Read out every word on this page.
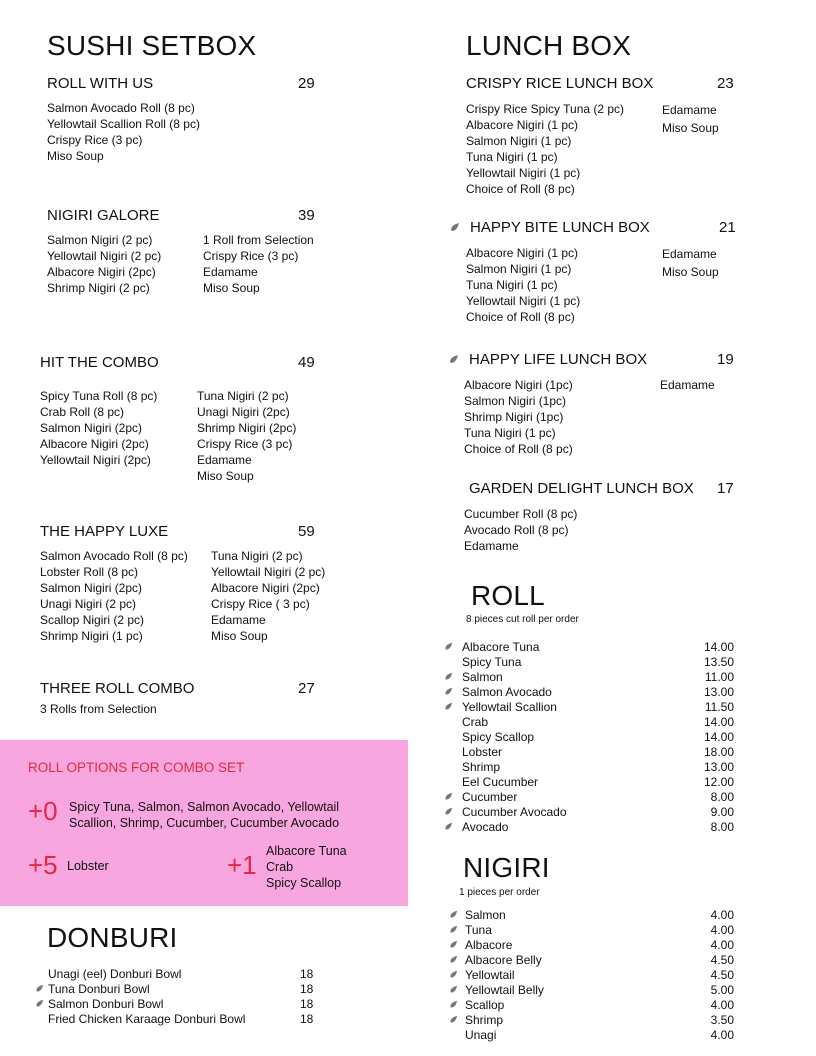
SUSHI SETBOX
ROLL WITH US	29
Salmon Avocado Roll (8 pc)
Yellowtail Scallion Roll (8 pc)
Crispy Rice (3 pc)
Miso Soup
NIGIRI GALORE	39
Salmon Nigiri (2 pc)
Yellowtail Nigiri (2 pc)
Albacore Nigiri (2pc)
Shrimp Nigiri (2 pc)
1 Roll from Selection
Crispy Rice (3 pc)
Edamame
Miso Soup
HIT THE COMBO	49
Spicy Tuna Roll (8 pc)
Crab Roll (8 pc)
Salmon Nigiri (2pc)
Albacore Nigiri (2pc)
Yellowtail Nigiri (2pc)
Tuna Nigiri (2 pc)
Unagi Nigiri (2pc)
Shrimp Nigiri (2pc)
Crispy Rice (3 pc)
Edamame
Miso Soup
THE HAPPY LUXE	59
Salmon Avocado Roll (8 pc)
Lobster Roll (8 pc)
Salmon Nigiri (2pc)
Unagi Nigiri (2 pc)
Scallop Nigiri (2 pc)
Shrimp Nigiri (1 pc)
Tuna Nigiri (2 pc)
Yellowtail Nigiri (2 pc)
Albacore Nigiri (2pc)
Crispy Rice ( 3 pc)
Edamame
Miso Soup
THREE ROLL COMBO	27
3 Rolls from Selection
ROLL OPTIONS FOR COMBO SET
+0 Spicy Tuna, Salmon, Salmon Avocado, Yellowtail
Scallion, Shrimp, Cucumber, Cucumber Avocado
+5 Lobster	+1 Albacore Tuna
Crab
Spicy Scallop
DONBURI
Unagi (eel) Donburi Bowl	18
Tuna Donburi Bowl	18
Salmon Donburi Bowl	18
Fried Chicken Karaage Donburi Bowl	18
LUNCH BOX
CRISPY RICE LUNCH BOX	23
Crispy Rice Spicy Tuna (2 pc)
Albacore Nigiri (1 pc)
Salmon Nigiri (1 pc)
Tuna Nigiri (1 pc)
Yellowtail Nigiri (1 pc)
Choice of Roll (8 pc)
Edamame
Miso Soup
HAPPY BITE LUNCH BOX	21
Albacore Nigiri (1 pc)
Salmon Nigiri (1 pc)
Tuna Nigiri (1 pc)
Yellowtail Nigiri (1 pc)
Choice of Roll (8 pc)
Edamame
Miso Soup
HAPPY LIFE LUNCH BOX	19
Albacore Nigiri (1pc)
Salmon Nigiri (1pc)
Shrimp Nigiri (1pc)
Tuna Nigiri (1 pc)
Choice of Roll (8 pc)
Edamame
GARDEN DELIGHT LUNCH BOX 17
Cucumber Roll (8 pc)
Avocado Roll (8 pc)
Edamame
ROLL
8 pieces cut roll per order
Albacore Tuna	14.00
Spicy Tuna	13.50
Salmon	11.00
Salmon Avocado	13.00
Yellowtail Scallion	11.50
Crab	14.00
Spicy Scallop	14.00
Lobster	18.00
Shrimp	13.00
Eel Cucumber	12.00
Cucumber	8.00
Cucumber Avocado	9.00
Avocado	8.00
NIGIRI
1 pieces per order
Salmon	4.00
Tuna	4.00
Albacore	4.00
Albacore Belly	4.50
Yellowtail	4.50
Yellowtail Belly	5.00
Scallop	4.00
Shrimp	3.50
Unagi	4.00
